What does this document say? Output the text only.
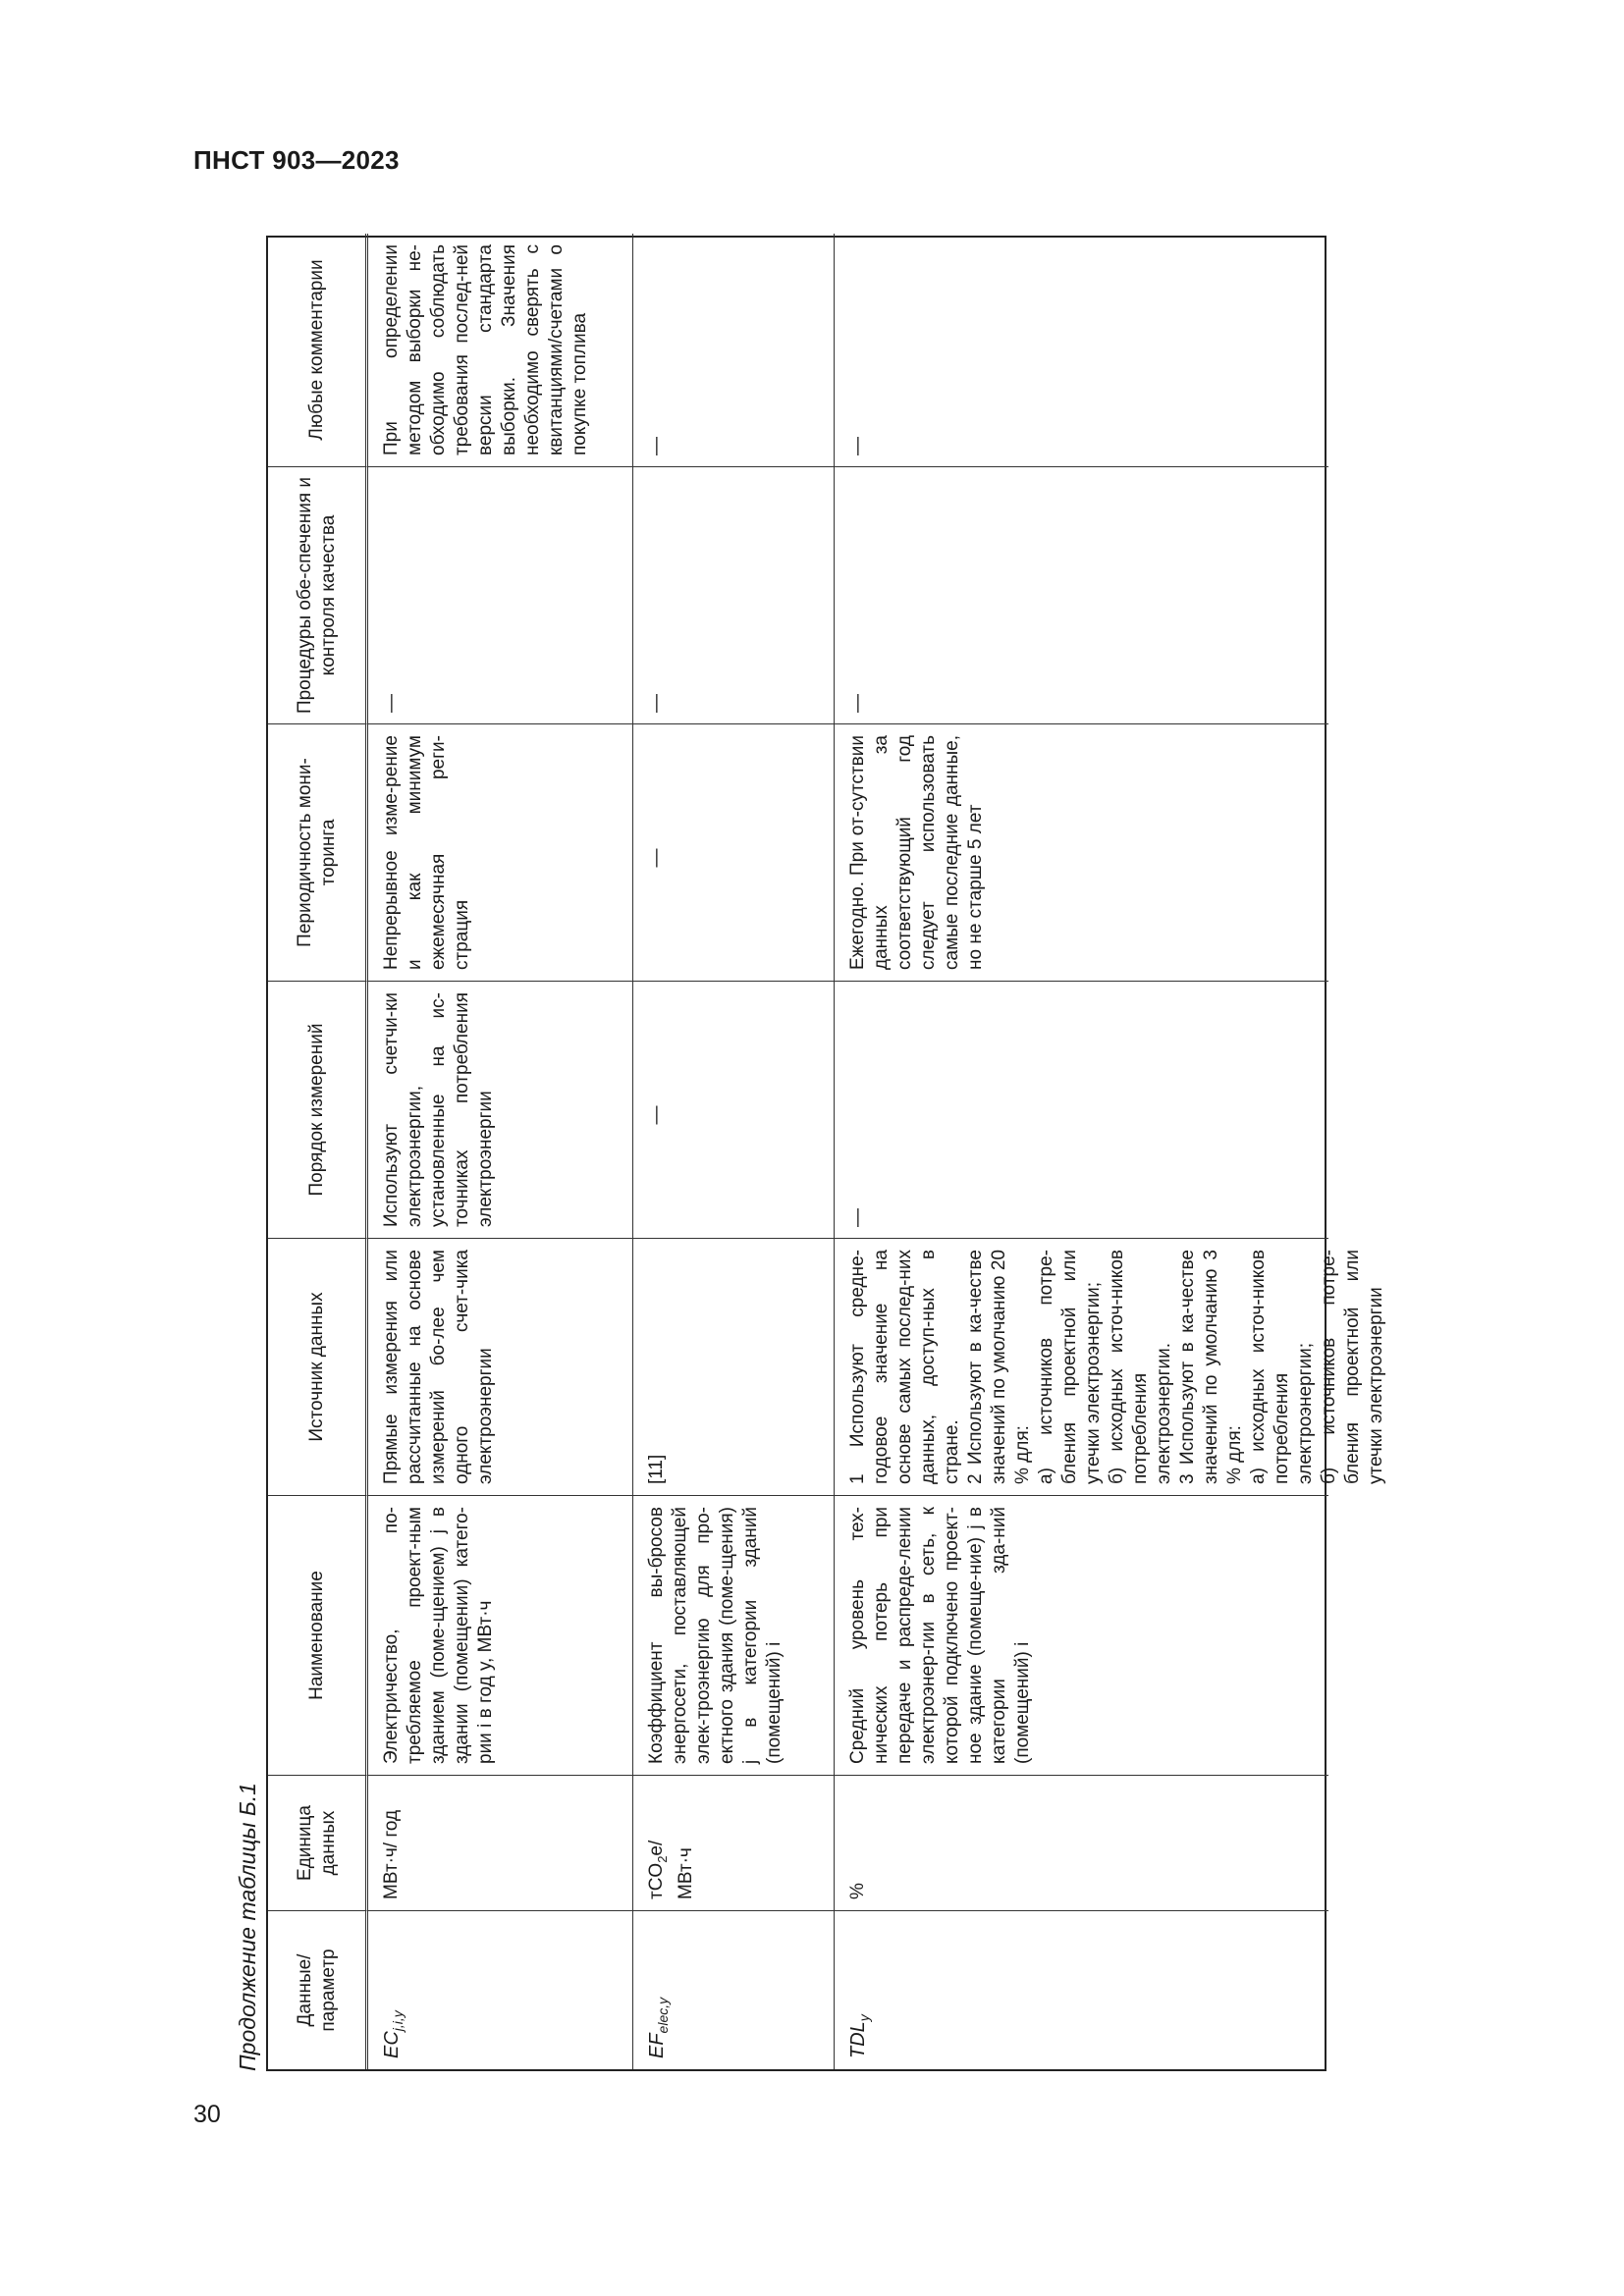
ПНСТ 903—2023
30
Продолжение таблицы Б.1	Данные/ параметр
Единица данных
Наименование
Источник данных
Порядок измерений
Периодичность мони-торинга
Процедуры обе-спечения и контроля качества
Любые комментарии
$EC_{j,i,y}$
МВт·ч/ год
Электричество, по-требляемое проект-ным зданием (поме-щением) j в здании (помещении) катего-рии i в год y, МВт·ч
Прямые измерения или рассчитанные на основе измерений бо-лее чем одного счет-чика электроэнергии
Используют счетчи-ки электроэнергии, установленные на ис-точниках потребления электроэнергии
Непрерывное изме-рение и как минимум ежемесячная реги-страция
—
При определении методом выборки не-обходимо соблюдать требования послед-ней версии стандарта выборки. Значения необходимо сверять с квитанциями/счетами о покупке топлива
$EF_{elec,y}$
тCO$_2$e/ МВт·ч
Коэффициент вы-бросов энергосети, поставляющей элек-троэнергию для про-ектного здания (поме-щения) j в категории зданий (помещений) i
[11]
—
—
—
—
$TDL_y$
%
Средний уровень тех-нических потерь при передаче и распреде-лении электроэнер-гии в сеть, к которой подключено проект-ное здание (помеще-ние) j в категории зда-ний (помещений) i
1 Используют средне-годовое значение на основе самых послед-них данных, доступ-ных в стране. 2 Используют в ка-честве значений по умолчанию 20 % для: а) источников потре-бления проектной или утечки электроэнергии; б) исходных источ-ников потребления электроэнергии. 3 Используют в ка-честве значений по умолчанию 3 % для: а) исходных источ-ников потребления электроэнергии; б) источников потре-бления проектной или утечки электроэнергии
—
Ежегодно. При от-сутствии данных за соответствующий год следует использовать самые последние данные, но не старше 5 лет
—
—
